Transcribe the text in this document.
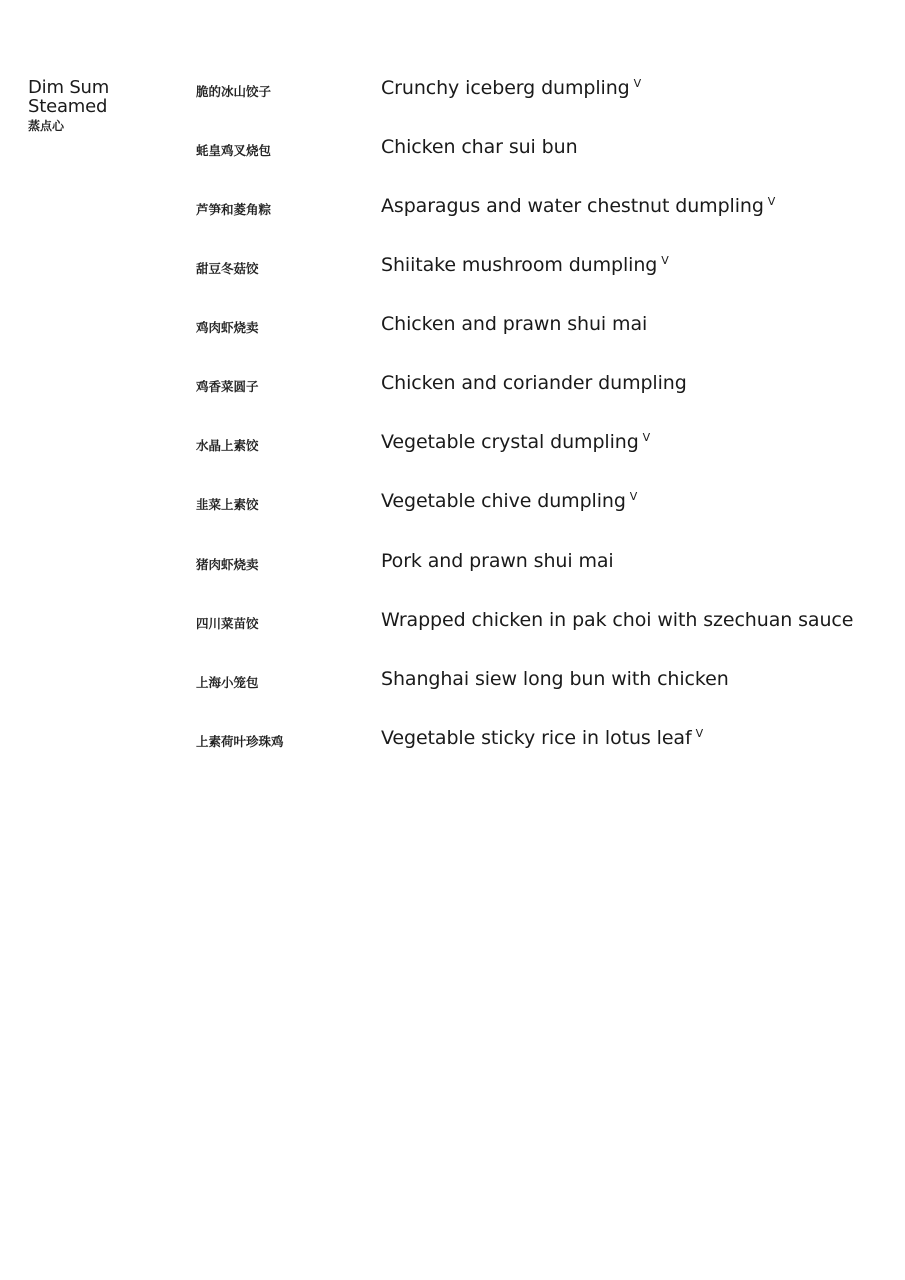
Dim Sum
Steamed
蒸点心
脆的冰山饺子	Crunchy iceberg dumpling $^V$
蚝皇鸡叉烧包	Chicken char sui bun
芦笋和菱角粽	Asparagus and water chestnut dumpling $^V$
甜豆冬菇饺	Shiitake mushroom dumpling $^V$
鸡肉虾烧卖	Chicken and prawn shui mai
鸡香菜圆子	Chicken and coriander dumpling
水晶上素饺	Vegetable crystal dumpling $^V$
韭菜上素饺	Vegetable chive dumpling $^V$
猪肉虾烧卖	Pork and prawn shui mai
四川菜苗饺	Wrapped chicken in pak choi with szechuan sauce
上海小笼包	Shanghai siew long bun with chicken
上素荷叶珍珠鸡	Vegetable sticky rice in lotus leaf $^V$
